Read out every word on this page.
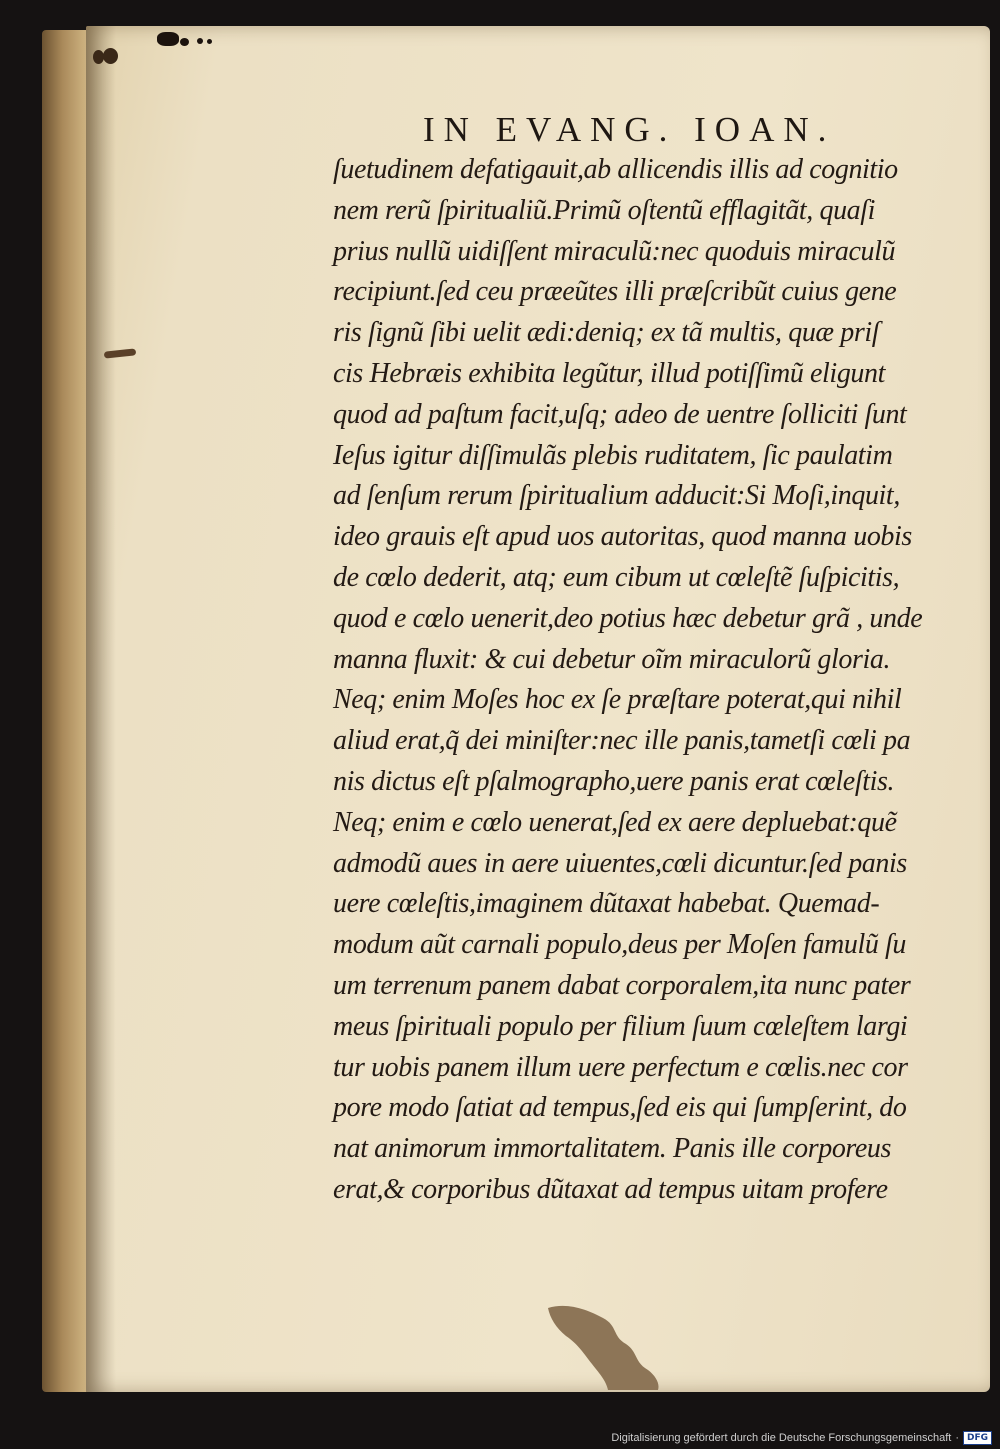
IN EVANG. IOAN.
ſuetudinem defatigauit,ab allicendis illis ad cognitio
nem rerũ ſpiritualiũ.Primũ oſtentũ efflagitãt, quaſi
prius nullũ uidiſſent miraculũ:nec quoduis miraculũ
recipiunt.ſed ceu præeũtes illi præſcribũt cuius gene
ris ſignũ ſibi uelit ædi:deniq; ex tã multis, quæ priſ
cis Hebræis exhibita legũtur, illud potiſſimũ eligunt
quod ad paſtum facit,uſq; adeo de uentre ſolliciti ſunt
Ieſus igitur diſſimulãs plebis ruditatem, ſic paulatim
ad ſenſum rerum ſpiritualium adducit:Si Moſi,inquit,
ideo grauis eſt apud uos autoritas, quod manna uobis
de cœlo dederit, atq; eum cibum ut cœleſtẽ ſuſpicitis,
quod e cœlo uenerit,deo potius hæc debetur grã , unde
manna fluxit: & cui debetur oĩm miraculorũ gloria.
Neq; enim Moſes hoc ex ſe præſtare poterat,qui nihil
aliud erat,q̃ dei miniſter:nec ille panis,tametſi cœli pa
nis dictus eſt pſalmographo,uere panis erat cœleſtis.
Neq; enim e cœlo uenerat,ſed ex aere depluebat:quẽ
admodũ aues in aere uiuentes,cœli dicuntur.ſed panis
uere cœleſtis,imaginem dũtaxat habebat. Quemad-
modum aũt carnali populo,deus per Moſen famulũ ſu
um terrenum panem dabat corporalem,ita nunc pater
meus ſpirituali populo per filium ſuum cœleſtem largi
tur uobis panem illum uere perfectum e cœlis.nec cor
pore modo ſatiat ad tempus,ſed eis qui ſumpſerint, do
nat animorum immortalitatem. Panis ille corporeus
erat,& corporibus dũtaxat ad tempus uitam profere
Digitalisierung gefördert durch die Deutsche Forschungsgemeinschaft · DFG
